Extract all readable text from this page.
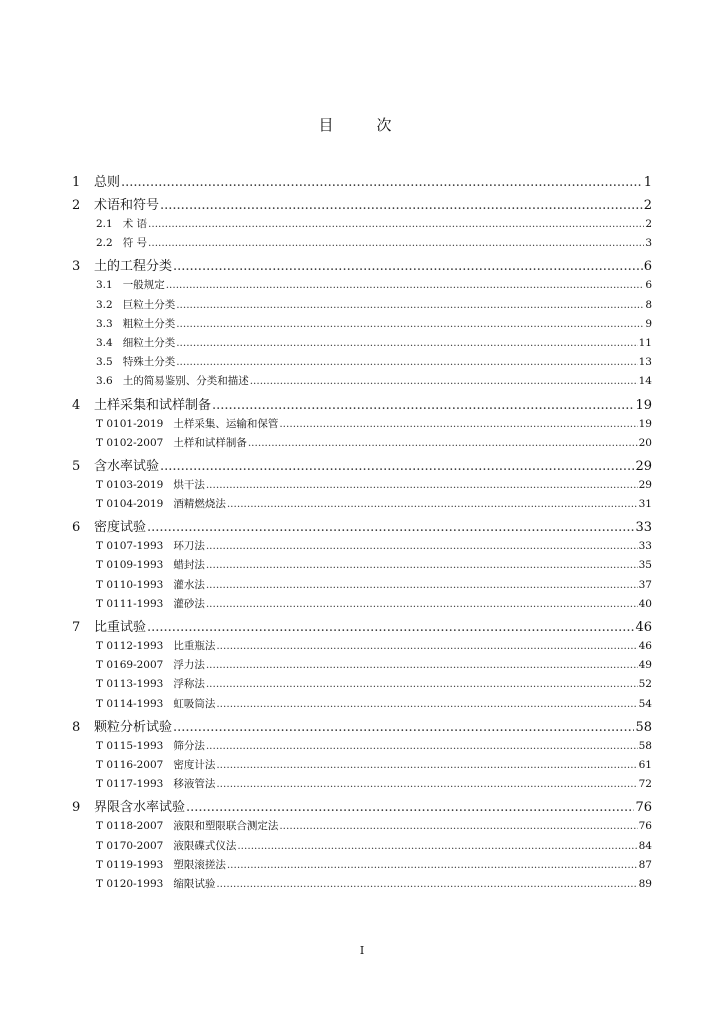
目　次
1	总则 .....	1
2	术语和符号 .....	2
2.1 术 语 .....	2
2.2 符 号 .....	3
3	土的工程分类 .....	6
3.1 一般规定 .....	6
3.2 巨粒土分类 .....	8
3.3 粗粒土分类 .....	9
3.4 细粒土分类 .....	11
3.5 特殊土分类 .....	13
3.6 土的简易鉴别、分类和描述 .....	14
4	土样采集和试样制备 .....	19
T 0101-2019 土样采集、运输和保管 .....	19
T 0102-2007 土样和试样制备 .....	20
5	含水率试验 .....	29
T 0103-2019 烘干法 .....	29
T 0104-2019 酒精燃烧法 .....	31
6	密度试验 .....	33
T 0107-1993 环刀法 .....	33
T 0109-1993 蜡封法 .....	35
T 0110-1993 灌水法 .....	37
T 0111-1993 灌砂法 .....	40
7	比重试验 .....	46
T 0112-1993 比重瓶法 .....	46
T 0169-2007 浮力法 .....	49
T 0113-1993 浮称法 .....	52
T 0114-1993 虹吸筒法 .....	54
8	颗粒分析试验 .....	58
T 0115-1993 筛分法 .....	58
T 0116-2007 密度计法 .....	61
T 0117-1993 移液管法 .....	72
9	界限含水率试验 .....	76
T 0118-2007 液限和塑限联合测定法 .....	76
T 0170-2007 液限碟式仪法 .....	84
T 0119-1993 塑限滚搓法 .....	87
T 0120-1993 缩限试验 .....	89
I
